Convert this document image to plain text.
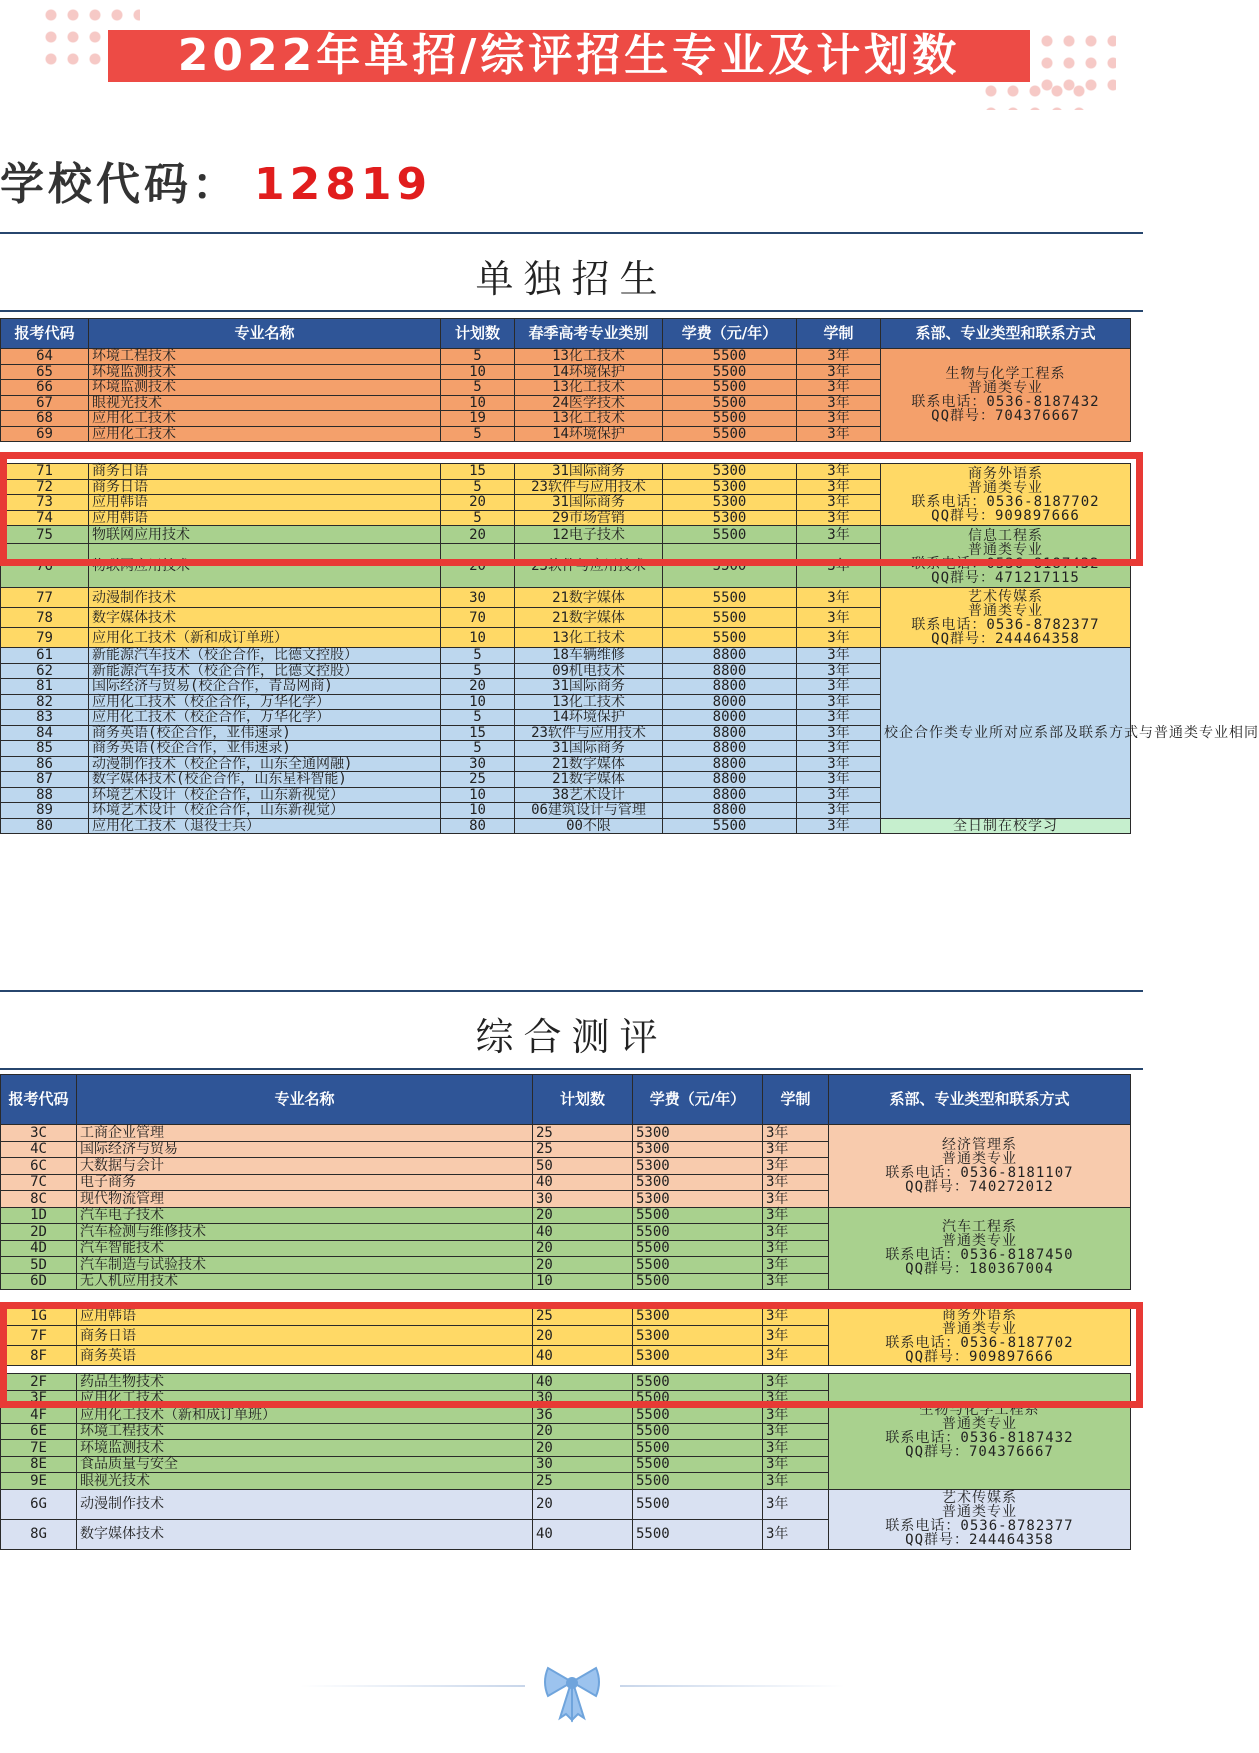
2022年单招/综评招生专业及计划数
学校代码： 12819
单独招生
报考代码	专业名称	计划数	春季高考专业类别	学费（元/年）	学制	系部、专业类型和联系方式
64	环境工程技术	5	13化工技术	5500	3年	生物与化学工程系
普通类专业
联系电话：0536-8187432
QQ群号：704376667

65	环境监测技术	10	14环境保护	5500	3年	
66	环境监测技术	5	13化工技术	5500	3年	
67	眼视光技术	10	24医学技术	5500	3年	
68	应用化工技术	19	13化工技术	5500	3年	
69	应用化工技术	5	14环境保护	5500	3年	

71	商务日语	15	31国际商务	5300	3年	商务外语系
普通类专业
联系电话：0536-8187702
QQ群号：909897666

72	商务日语	5	23软件与应用技术	5300	3年	
73	应用韩语	20	31国际商务	5300	3年	
74	应用韩语	5	29市场营销	5300	3年	
75	物联网应用技术	20	12电子技术	5500	3年	信息工程系
普通类专业
联系电话：0536-8187432
QQ群号：471217115

76	物联网应用技术	20	23软件与应用技术	5500	3年	
77	动漫制作技术	30	21数字媒体	5500	3年	艺术传媒系
普通类专业
联系电话：0536-8782377
QQ群号：244464358

78	数字媒体技术	70	21数字媒体	5500	3年	
79	应用化工技术（新和成订单班）	10	13化工技术	5500	3年	
61	新能源汽车技术（校企合作，比德文控股）	5	18车辆维修	8800	3年	校企合作类专业所对应系部及联系方式与普通类专业相同
62	新能源汽车技术（校企合作，比德文控股）	5	09机电技术	8800	3年	
81	国际经济与贸易(校企合作，青岛网商)	20	31国际商务	8800	3年	
82	应用化工技术（校企合作，万华化学）	10	13化工技术	8000	3年	
83	应用化工技术（校企合作，万华化学）	5	14环境保护	8000	3年	
84	商务英语(校企合作，亚伟速录)	15	23软件与应用技术	8800	3年	
85	商务英语(校企合作，亚伟速录)	5	31国际商务	8800	3年	
86	动漫制作技术（校企合作，山东全通网融)	30	21数字媒体	8800	3年	
87	数字媒体技术(校企合作，山东星科智能)	25	21数字媒体	8800	3年	
88	环境艺术设计（校企合作，山东新视觉）	10	38艺术设计	8800	3年	
89	环境艺术设计（校企合作，山东新视觉）	10	06建筑设计与管理	8800	3年	
80	应用化工技术（退役士兵）	80	00不限	5500	3年	全日制在校学习
综合测评
报考代码	专业名称	计划数	学费（元/年）	学制	系部、专业类型和联系方式
3C	工商企业管理	25	5300	3年	经济管理系
普通类专业
联系电话：0536-8181107
QQ群号：740272012

4C	国际经济与贸易	25	5300	3年	
6C	大数据与会计	50	5300	3年	
7C	电子商务	40	5300	3年	
8C	现代物流管理	30	5300	3年	
1D	汽车电子技术	20	5500	3年	汽车工程系
普通类专业
联系电话：0536-8187450
QQ群号：180367004

2D	汽车检测与维修技术	40	5500	3年	
4D	汽车智能技术	20	5500	3年	
5D	汽车制造与试验技术	20	5500	3年	
6D	无人机应用技术	10	5500	3年	

1G	应用韩语	25	5300	3年	商务外语系
普通类专业
联系电话：0536-8187702
QQ群号：909897666

7F	商务日语	20	5300	3年	
8F	商务英语	40	5300	3年	

2F	药品生物技术	40	5500	3年	生物与化学工程系
普通类专业
联系电话：0536-8187432
QQ群号：704376667

3F	应用化工技术	30	5500	3年	
4F	应用化工技术（新和成订单班）	36	5500	3年	
6E	环境工程技术	20	5500	3年	
7E	环境监测技术	20	5500	3年	
8E	食品质量与安全	30	5500	3年	
9E	眼视光技术	25	5500	3年	
6G	动漫制作技术	20	5500	3年	艺术传媒系
普通类专业
联系电话：0536-8782377
QQ群号：244464358

8G	数字媒体技术	40	5500	3年	
